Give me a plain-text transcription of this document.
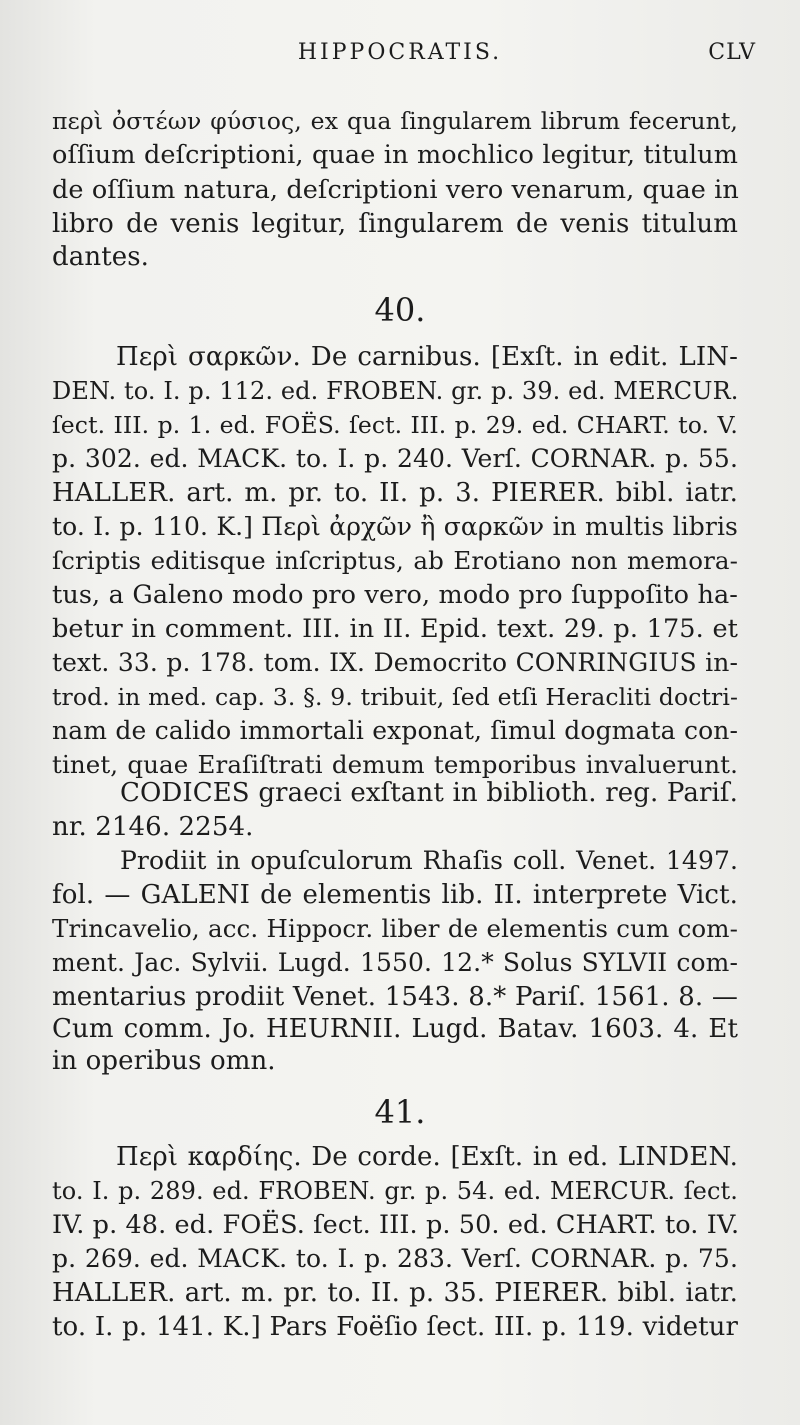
HIPPOCRATIS.	CLV
περὶ ὀστέων φύσιος, ex qua ſingularem librum fecerunt,
oſſium deſcriptioni, quae in mochlico legitur, titulum
de oſſium natura, deſcriptioni vero venarum, quae in
libro de venis legitur, ſingularem de venis titulum
dantes.
40.
Περὶ σαρκῶν. De carnibus. [Exſt. in edit. LIN-
DEN. to. I. p. 112. ed. FROBEN. gr. p. 39. ed. MERCUR.
ſect. III. p. 1. ed. FOËS. ſect. III. p. 29. ed. CHART. to. V.
p. 302. ed. MACK. to. I. p. 240. Verſ. CORNAR. p. 55.
HALLER. art. m. pr. to. II. p. 3. PIERER. bibl. iatr.
to. I. p. 110. K.] Περὶ ἀρχῶν ἢ σαρκῶν in multis libris
ſcriptis editisque inſcriptus, ab Erotiano non memora-
tus, a Galeno modo pro vero, modo pro ſuppoſito ha-
betur in comment. III. in II. Epid. text. 29. p. 175. et
text. 33. p. 178. tom. IX. Democrito CONRINGIUS in-
trod. in med. cap. 3. §. 9. tribuit, ſed etſi Heracliti doctri-
nam de calido immortali exponat, ſimul dogmata con-
tinet, quae Eraſiſtrati demum temporibus invaluerunt.
CODICES graeci exſtant in biblioth. reg. Pariſ.
nr. 2146. 2254.
Prodiit in opuſculorum Rhaſis coll. Venet. 1497.
fol. — GALENI de elementis lib. II. interprete Vict.
Trincavelio, acc. Hippocr. liber de elementis cum com-
ment. Jac. Sylvii. Lugd. 1550. 12.* Solus SYLVII com-
mentarius prodiit Venet. 1543. 8.* Pariſ. 1561. 8. —
Cum comm. Jo. HEURNII. Lugd. Batav. 1603. 4. Et
in operibus omn.
41.
Περὶ καρδίης. De corde. [Exſt. in ed. LINDEN.
to. I. p. 289. ed. FROBEN. gr. p. 54. ed. MERCUR. ſect.
IV. p. 48. ed. FOËS. ſect. III. p. 50. ed. CHART. to. IV.
p. 269. ed. MACK. to. I. p. 283. Verſ. CORNAR. p. 75.
HALLER. art. m. pr. to. II. p. 35. PIERER. bibl. iatr.
to. I. p. 141. K.] Pars Foëſio ſect. III. p. 119. videtur
